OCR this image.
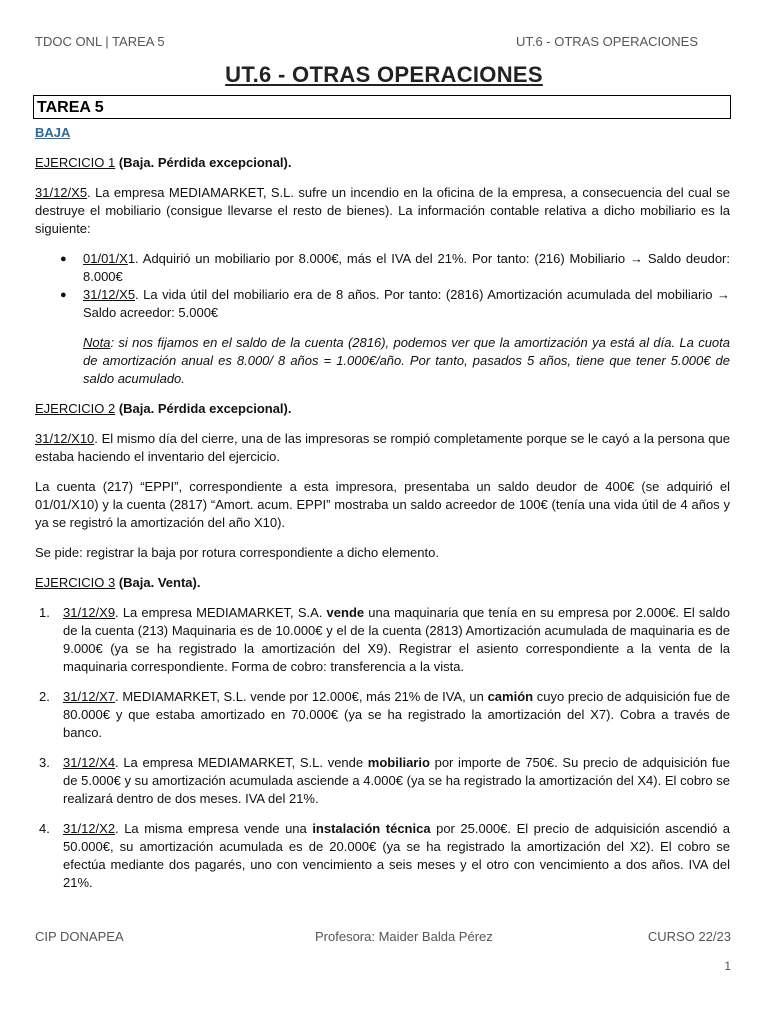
TDOC ONL | TAREA 5	UT.6 - OTRAS OPERACIONES
UT.6 - OTRAS OPERACIONES
TAREA 5
BAJA

EJERCICIO 1 (Baja. Pérdida excepcional).

31/12/X5. La empresa MEDIAMARKET, S.L. sufre un incendio en la oficina de la empresa, a consecuencia del cual se destruye el mobiliario (consigue llevarse el resto de bienes). La información contable relativa a dicho mobiliario es la siguiente:

● 01/01/X1. Adquirió un mobiliario por 8.000€, más el IVA del 21%. Por tanto: (216) Mobiliario → Saldo deudor: 8.000€
● 31/12/X5. La vida útil del mobiliario era de 8 años. Por tanto: (2816) Amortización acumulada del mobiliario → Saldo acreedor: 5.000€
Nota: si nos fijamos en el saldo de la cuenta (2816), podemos ver que la amortización ya está al día. La cuota de amortización anual es 8.000/ 8 años = 1.000€/año. Por tanto, pasados 5 años, tiene que tener 5.000€ de saldo acumulado.

EJERCICIO 2 (Baja. Pérdida excepcional).

31/12/X10. El mismo día del cierre, una de las impresoras se rompió completamente porque se le cayó a la persona que estaba haciendo el inventario del ejercicio.

La cuenta (217) “EPPI”, correspondiente a esta impresora, presentaba un saldo deudor de 400€ (se adquirió el 01/01/X10) y la cuenta (2817) “Amort. acum. EPPI” mostraba un saldo acreedor de 100€ (tenía una vida útil de 4 años y ya se registró la amortización del año X10).

Se pide: registrar la baja por rotura correspondiente a dicho elemento.

EJERCICIO 3 (Baja. Venta).

1. 31/12/X9. La empresa MEDIAMARKET, S.A. vende una maquinaria que tenía en su empresa por 2.000€. El saldo de la cuenta (213) Maquinaria es de 10.000€ y el de la cuenta (2813) Amortización acumulada de maquinaria es de 9.000€ (ya se ha registrado la amortización del X9). Registrar el asiento correspondiente a la venta de la maquinaria correspondiente. Forma de cobro: transferencia a la vista.
2. 31/12/X7. MEDIAMARKET, S.L. vende por 12.000€, más 21% de IVA, un camión cuyo precio de adquisición fue de 80.000€ y que estaba amortizado en 70.000€ (ya se ha registrado la amortización del X7). Cobra a través de banco.
3. 31/12/X4. La empresa MEDIAMARKET, S.L. vende mobiliario por importe de 750€. Su precio de adquisición fue de 5.000€ y su amortización acumulada asciende a 4.000€ (ya se ha registrado la amortización del X4). El cobro se realizará dentro de dos meses. IVA del 21%.
4. 31/12/X2. La misma empresa vende una instalación técnica por 25.000€. El precio de adquisición ascendió a 50.000€, su amortización acumulada es de 20.000€ (ya se ha registrado la amortización del X2). El cobro se efectúa mediante dos pagarés, uno con vencimiento a seis meses y el otro con vencimiento a dos años. IVA del 21%.
CIP DONAPEA	Profesora: Maider Balda Pérez	CURSO 22/23
1
